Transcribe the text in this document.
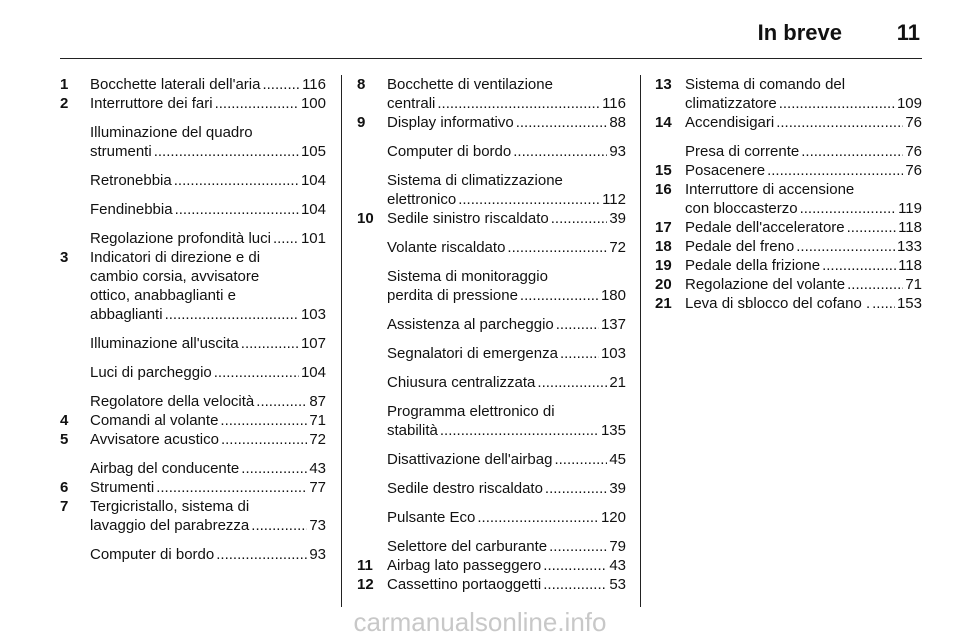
In breve 11
1 Bocchette laterali dell'aria .....	116
2 Interruttore dei fari .....	100
Illuminazione del quadro
strumenti .....	105
Retronebbia .....	104
Fendinebbia .....	104
Regolazione profondità luci ..... 101
3 Indicatori di direzione e di
cambio corsia, avvisatore
ottico, anabbaglianti e
abbaglianti .....	103
Illuminazione all'uscita .....	107
Luci di parcheggio .....	104
Regolatore della velocità .....	87
4 Comandi al volante .....	71
5 Avvisatore acustico .....	72
Airbag del conducente .....	43
6 Strumenti .....	77
7 Tergicristallo, sistema di
lavaggio del parabrezza .....	73
Computer di bordo .....	93
8 Bocchette di ventilazione
centrali .....	116
9 Display informativo .....	88
Computer di bordo .....	93
Sistema di climatizzazione
elettronico .....	112
10 Sedile sinistro riscaldato .....	39
Volante riscaldato .....	72
Sistema di monitoraggio
perdita di pressione .....	180
Assistenza al parcheggio .....	137
Segnalatori di emergenza .....	103
Chiusura centralizzata .....	21
Programma elettronico di
stabilità .....	135
Disattivazione dell'airbag .....	45
Sedile destro riscaldato .....	39
Pulsante Eco .....	120
Selettore del carburante .....	79
11 Airbag lato passeggero .....	43
12 Cassettino portaoggetti .....	53
13 Sistema di comando del
climatizzatore .....	109
14 Accendisigari .....	76
Presa di corrente .....	76
15 Posacenere .....	76
16 Interruttore di accensione
con bloccasterzo .....	119
17 Pedale dell'acceleratore .....	118
18 Pedale del freno .....	133
19 Pedale della frizione .....	118
20 Regolazione del volante .....	71
21 Leva di sblocco del cofano . ..... 153
carmanualsonline.info
